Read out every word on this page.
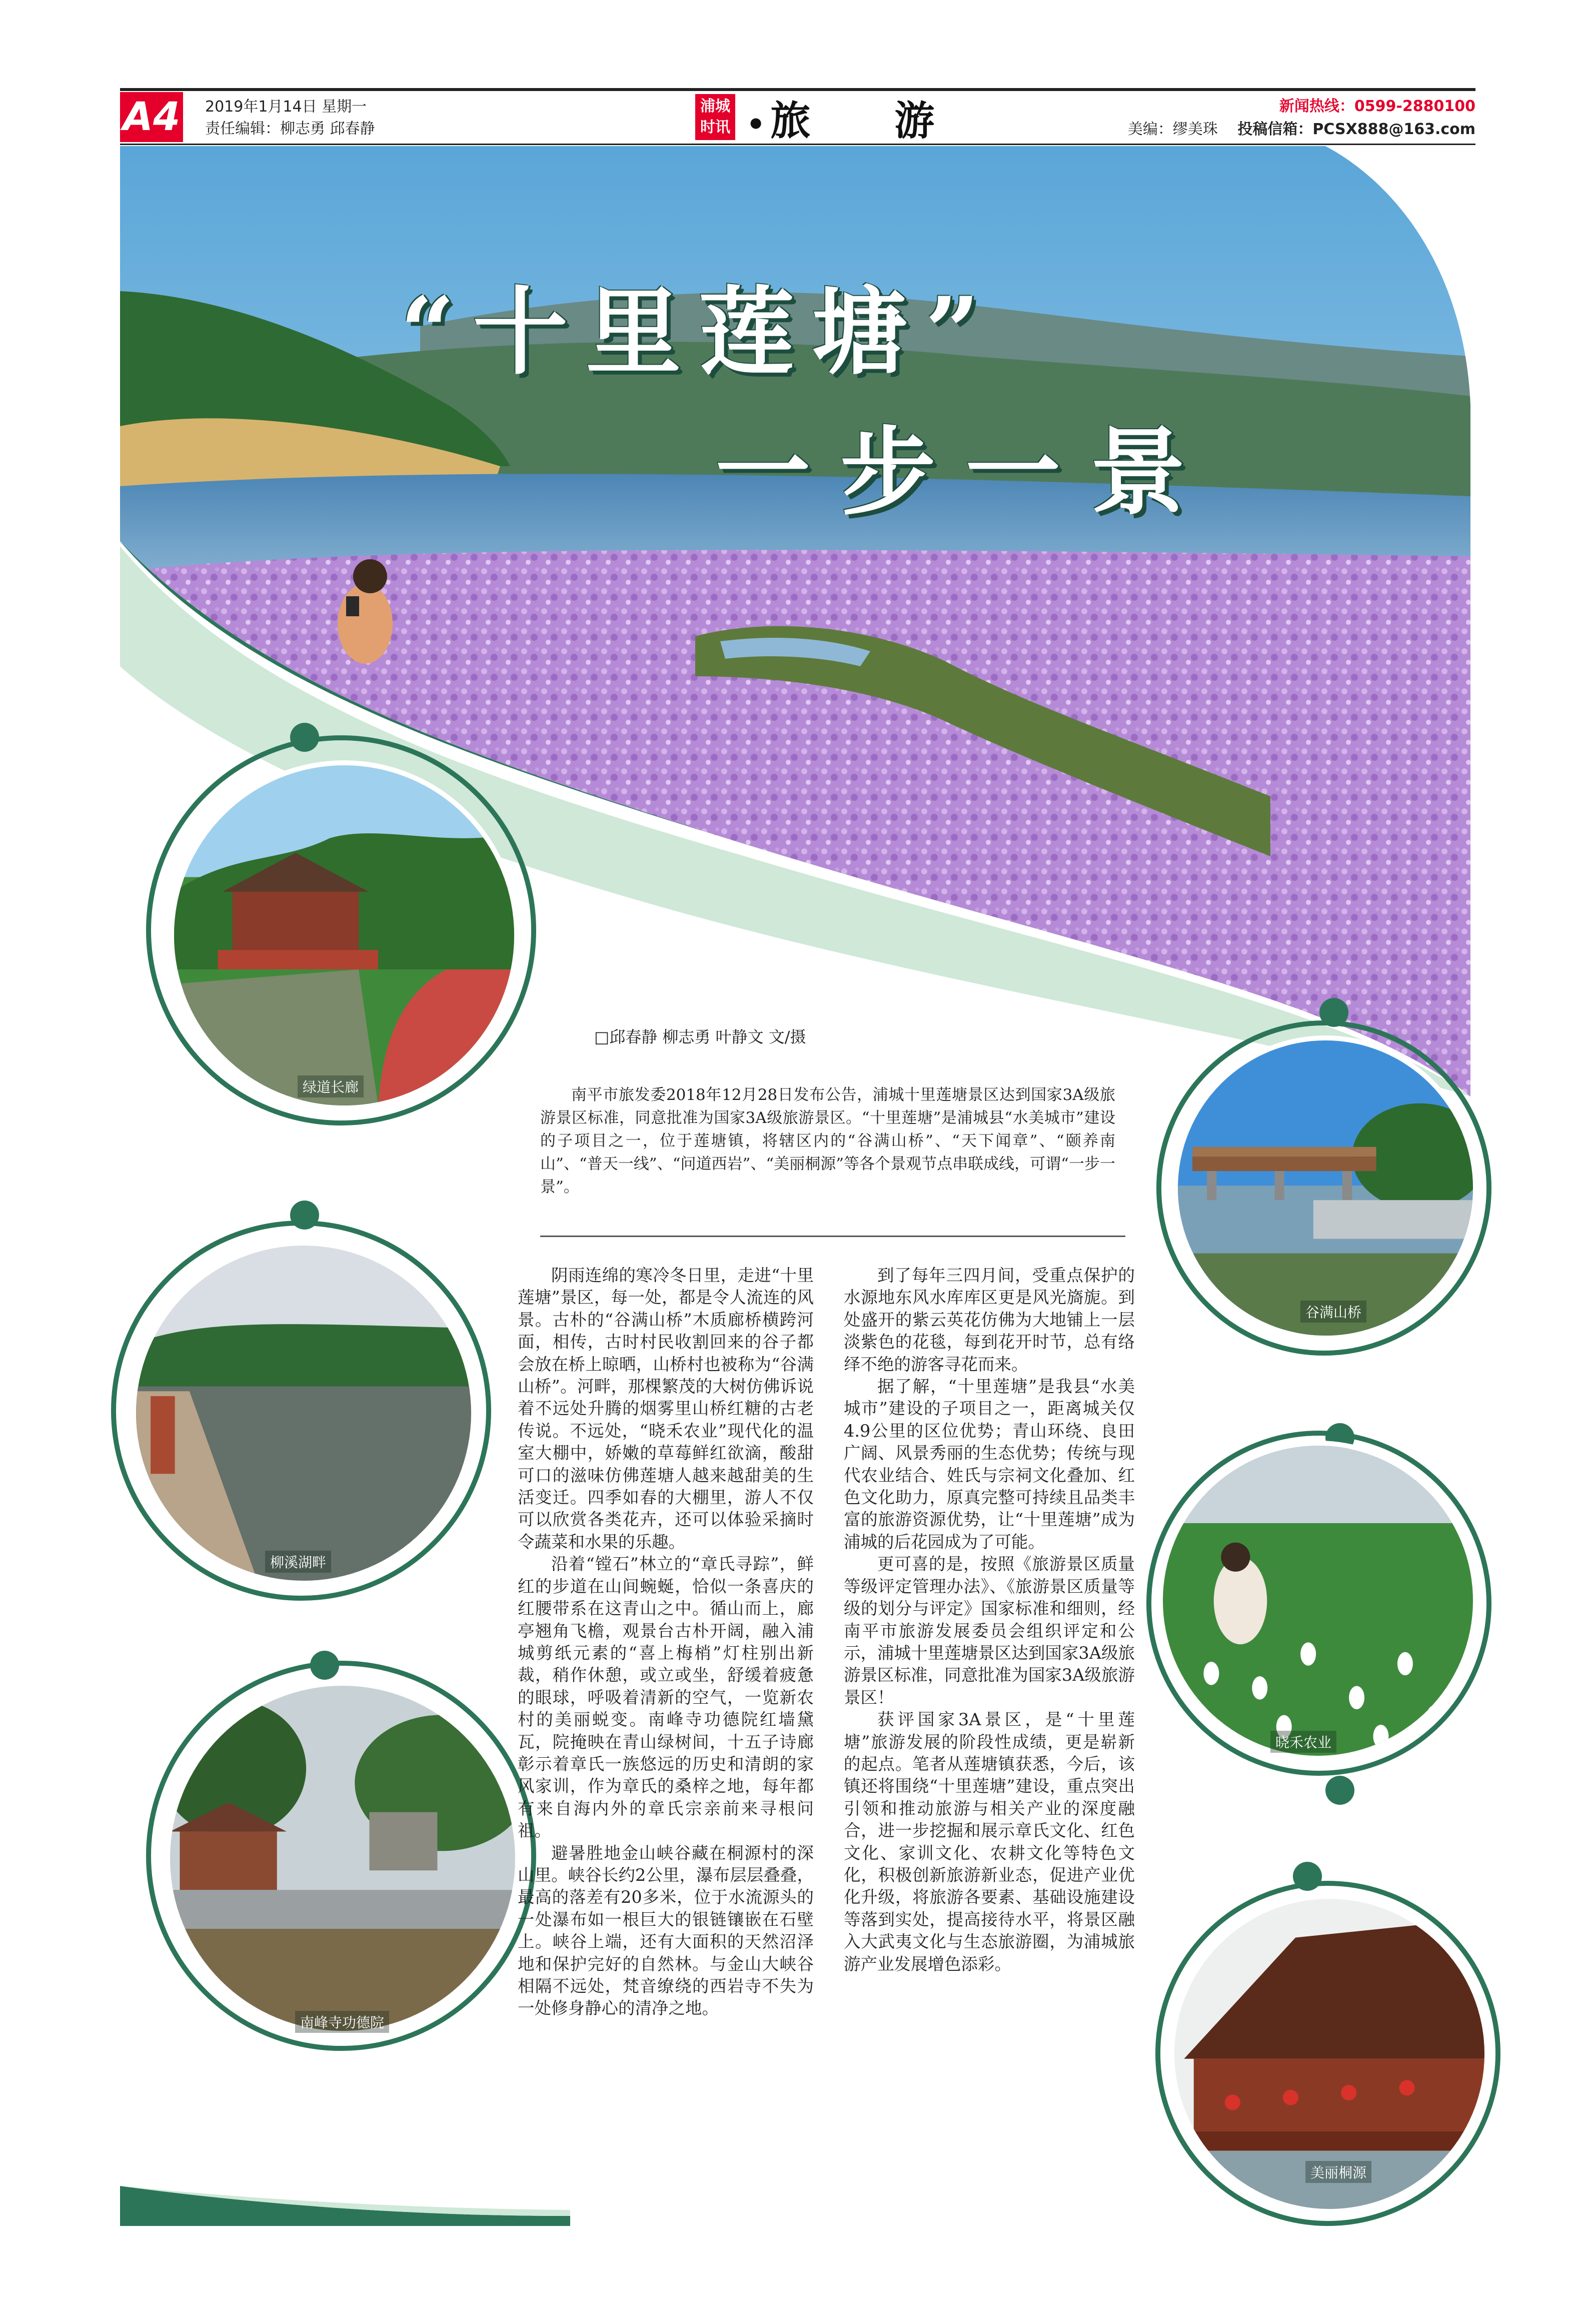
A4 2019年1月14日 星期一
责任编辑：柳志勇 邱春静
浦城
时讯 •旅 游	新闻热线：0599-2880100
美编：缪美珠 投稿信箱：PCSX888@163.com
“十里莲塘”
一步一景
绿道长廊
谷满山桥
柳溪湖畔
晓禾农业
南峰寺功德院
美丽桐源
□邱春静 柳志勇 叶静文 文/摄
南平市旅发委2018年12月28日发布公告，浦城十里莲塘景区达到国家3A级旅游景区标准，同意批准为国家3A级旅游景区。“十里莲塘”是浦城县“水美城市”建设的子项目之一，位于莲塘镇，将辖区内的“谷满山桥”、“天下闻章”、“颐养南山”、“普天一线”、“问道西岩”、“美丽桐源”等各个景观节点串联成线，可谓“一步一景”。

阴雨连绵的寒冷冬日里，走进“十里莲塘”景区，每一处，都是令人流连的风景。古朴的“谷满山桥”木质廊桥横跨河面，相传，古时村民收割回来的谷子都会放在桥上晾晒，山桥村也被称为“谷满山桥”。河畔，那棵繁茂的大树仿佛诉说着不远处升腾的烟雾里山桥红糖的古老传说。不远处，“晓禾农业”现代化的温室大棚中，娇嫩的草莓鲜红欲滴，酸甜可口的滋味仿佛莲塘人越来越甜美的生活变迁。四季如春的大棚里，游人不仅可以欣赏各类花卉，还可以体验采摘时令蔬菜和水果的乐趣。

沿着“镗石”林立的“章氏寻踪”，鲜红的步道在山间蜿蜒，恰似一条喜庆的红腰带系在这青山之中。循山而上，廊亭翘角飞檐，观景台古朴开阔，融入浦城剪纸元素的“喜上梅梢”灯柱别出新裁，稍作休憩，或立或坐，舒缓着疲惫的眼球，呼吸着清新的空气，一览新农村的美丽蜕变。南峰寺功德院红墙黛瓦，院掩映在青山绿树间，十五子诗廊彰示着章氏一族悠远的历史和清朗的家风家训，作为章氏的桑梓之地，每年都有来自海内外的章氏宗亲前来寻根问祖。

避暑胜地金山峡谷藏在桐源村的深山里。峡谷长约2公里，瀑布层层叠叠，最高的落差有20多米，位于水流源头的一处瀑布如一根巨大的银链镶嵌在石壁上。峡谷上端，还有大面积的天然沼泽地和保护完好的自然林。与金山大峡谷相隔不远处，梵音缭绕的西岩寺不失为一处修身静心的清净之地。

到了每年三四月间，受重点保护的水源地东风水库库区更是风光旖旎。到处盛开的紫云英花仿佛为大地铺上一层淡紫色的花毯，每到花开时节，总有络绎不绝的游客寻花而来。

据了解，“十里莲塘”是我县“水美城市”建设的子项目之一，距离城关仅4.9公里的区位优势；青山环绕、良田广阔、风景秀丽的生态优势；传统与现代农业结合、姓氏与宗祠文化叠加、红色文化助力，原真完整可持续且品类丰富的旅游资源优势，让“十里莲塘”成为浦城的后花园成为了可能。

更可喜的是，按照《旅游景区质量等级评定管理办法》、《旅游景区质量等级的划分与评定》国家标准和细则，经南平市旅游发展委员会组织评定和公示，浦城十里莲塘景区达到国家3A级旅游景区标准，同意批准为国家3A级旅游景区！

获评国家3A景区，是“十里莲塘”旅游发展的阶段性成绩，更是崭新的起点。笔者从莲塘镇获悉，今后，该镇还将围绕“十里莲塘”建设，重点突出引领和推动旅游与相关产业的深度融合，进一步挖掘和展示章氏文化、红色文化、家训文化、农耕文化等特色文化，积极创新旅游新业态，促进产业优化升级，将旅游各要素、基础设施建设等落到实处，提高接待水平，将景区融入大武夷文化与生态旅游圈，为浦城旅游产业发展增色添彩。
